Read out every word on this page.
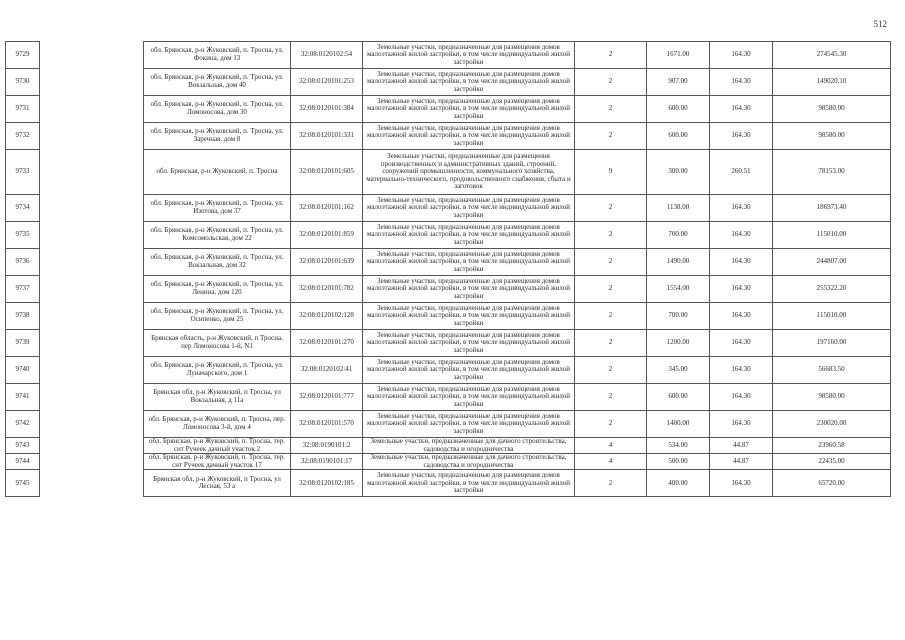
512
9729		обл. Брянская, р-н Жуковский, п. Тросна, ул. Фокина, дом 13	32:08:0120102:54	Земельные участки, предназначенные для размещения домов малоэтажной жилой застройки, в том числе индивидуальной жилой застройки	2	1671.00	164.30	274545.30
9730		обл. Брянская, р-н Жуковский, п. Тросна, ул. Вокзальная, дом 40	32:08:0120101:253	Земельные участки, предназначенные для размещения домов малоэтажной жилой застройки, в том числе индивидуальной жилой застройки	2	907.00	164.30	149020.10
9731		обл. Брянская, р-н Жуковский, п. Тросна, ул. Ломоносова, дом 30	32:08:0120101:384	Земельные участки, предназначенные для размещения домов малоэтажной жилой застройки, в том числе индивидуальной жилой застройки	2	600.00	164.30	98580.00
9732		обл. Брянская, р-н Жуковский, п. Тросна, ул. Заречная, дом 8	32:08:0120101:331	Земельные участки, предназначенные для размещения домов малоэтажной жилой застройки, в том числе индивидуальной жилой застройки	2	600.00	164.30	98580.00
9733		обл. Брянская, р-н Жуковский, п. Тросна	32:08:0120101:605	Земельные участки, предназначенные для размещения производственных и административных зданий, строений, сооружений промышленности, коммунального хозяйства, материально-технического, продовольственного снабжения, сбыта и заготовок	9	300.00	260.51	78153.00
9734		обл. Брянская, р-н Жуковский, п. Тросна, ул. Изотова, дом 37	32:08:0120101:162	Земельные участки, предназначенные для размещения домов малоэтажной жилой застройки, в том числе индивидуальной жилой застройки	2	1138.00	164.30	186973.40
9735		обл. Брянская, р-н Жуковский, п. Тросна, ул. Комсомольская, дом 22	32:08:0120101:859	Земельные участки, предназначенные для размещения домов малоэтажной жилой застройки, в том числе индивидуальной жилой застройки	2	700.00	164.30	115010.00
9736		обл. Брянская, р-н Жуковский, п. Тросна, ул. Вокзальная, дом 32	32:08:0120101:639	Земельные участки, предназначенные для размещения домов малоэтажной жилой застройки, в том числе индивидуальной жилой застройки	2	1490.00	164.30	244807.00
9737		обл. Брянская, р-н Жуковский, п. Тросна, ул. Ленина, дом 120	32:08:0120101:782	Земельные участки, предназначенные для размещения домов малоэтажной жилой застройки, в том числе индивидуальной жилой застройки	2	1554.00	164.30	255322.20
9738		обл. Брянская, р-н Жуковский, п. Тросна, ул. Осипенко, дом 25	32:08:0120102:128	Земельные участки, предназначенные для размещения домов малоэтажной жилой застройки, в том числе индивидуальной жилой застройки	2	700.00	164.30	115010.00
9739		Брянская область, р-н Жуковский, п Тросна, пер Ломоносова 1-й, N1	32:08:0120101:270	Земельные участки, предназначенные для размещения домов малоэтажной жилой застройки, в том числе индивидуальной жилой застройки	2	1200.00	164.30	197160.00
9740		обл. Брянская, р-н Жуковский, п. Тросна, ул. Луначарского, дом 1	32:08:0120102:41	Земельные участки, предназначенные для размещения домов малоэтажной жилой застройки, в том числе индивидуальной жилой застройки	2	345.00	164.30	56683.50
9741		Брянская обл, р-н Жуковский, п Тросна, ул Вокзальная, д 11а	32:08:0120101:777	Земельные участки, предназначенные для размещения домов малоэтажной жилой застройки, в том числе индивидуальной жилой застройки	2	600.00	164.30	98580.00
9742		обл. Брянская, р-н Жуковский, п. Тросна, пер. Ломоносова 3-й, дом 4	32:08:0120101:570	Земельные участки, предназначенные для размещения домов малоэтажной жилой застройки, в том числе индивидуальной жилой застройки	2	1400.00	164.30	230020.00
9743		обл. Брянская, р-н Жуковский, п. Тросна, тер. снт Ручеек дачный участок 2	32:08:0190101:2	Земельные участки, предназначенные для дачного строительства, садоводства и огородничества	4	534.00	44.87	23960.58
9744		обл. Брянская, р-н Жуковский, п. Тросна, тер. снт Ручеек дачный участок 17	32:08:0190101:17	Земельные участки, предназначенные для дачного строительства, садоводства и огородничества	4	500.00	44.87	22435.00
9745		Брянская обл, р-н Жуковский, п Тросна, ул Лесная, 53 а	32:08:0120102:185	Земельные участки, предназначенные для размещения домов малоэтажной жилой застройки, в том числе индивидуальной жилой застройки	2	400.00	164.30	65720.00
